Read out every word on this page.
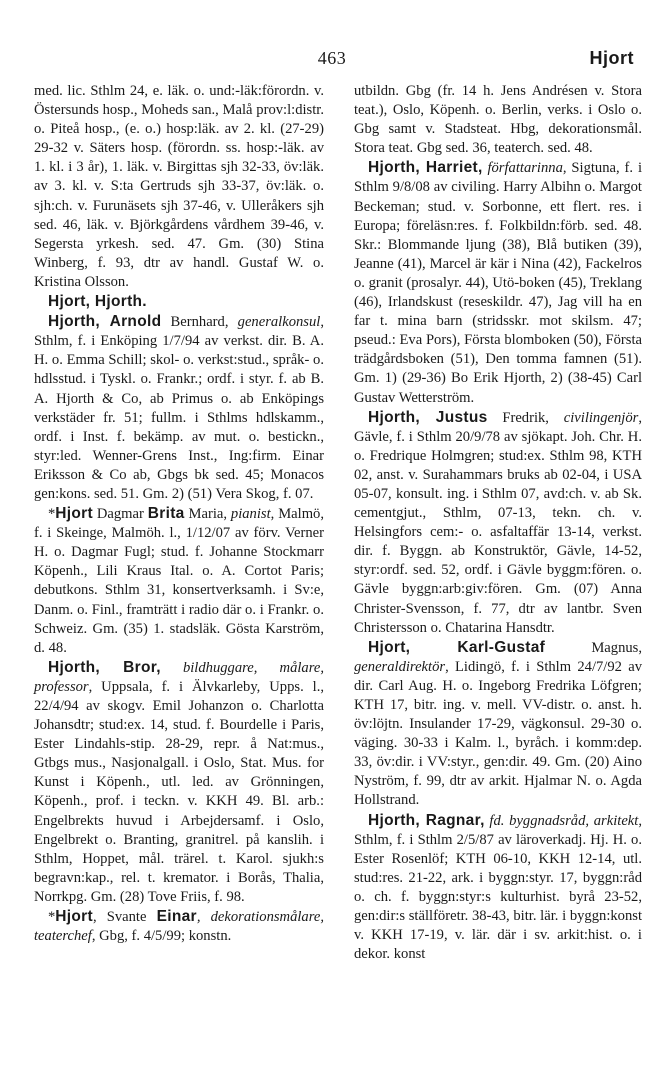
463	Hjort

med. lic. Sthlm 24, e. läk. o. und:-läk:förordn. v. Östersunds hosp., Moheds san., Malå prov:l:distr. o. Piteå hosp., (e. o.) hosp:läk. av 2. kl. (27-29) 29-32 v. Säters hosp. (förordn. ss. hosp:-läk. av 1. kl. i 3 år), 1. läk. v. Birgittas sjh 32-33, öv:läk. av 3. kl. v. S:ta Gertruds sjh 33-37, öv:läk. o. sjh:ch. v. Furunäsets sjh 37-46, v. Ulleråkers sjh sed. 46, läk. v. Björkgårdens vårdhem 39-46, v. Segersta yrkesh. sed. 47. Gm. (30) Stina Winberg, f. 93, dtr av handl. Gustaf W. o. Kristina Olsson.

Hjort, Hjorth.

Hjorth, Arnold Bernhard, generalkonsul, Sthlm, f. i Enköping 1/7/94 av verkst. dir. B. A. H. o. Emma Schill; skol- o. verkst:stud., språk- o. hdlsstud. i Tyskl. o. Frankr.; ordf. i styr. f. ab B. A. Hjorth & Co, ab Primus o. ab Enköpings verkstäder fr. 51; fullm. i Sthlms hdlskamm., ordf. i Inst. f. bekämp. av mut. o. bestickn., styr:led. Wenner-Grens Inst., Ing:firm. Einar Eriksson & Co ab, Gbgs bk sed. 45; Monacos gen:kons. sed. 51. Gm. 2) (51) Vera Skog, f. 07.

*Hjort Dagmar Brita Maria, pianist, Malmö, f. i Skeinge, Malmöh. l., 1/12/07 av förv. Verner H. o. Dagmar Fugl; stud. f. Johanne Stockmarr Köpenh., Lili Kraus Ital. o. A. Cortot Paris; debutkons. Sthlm 31, konsertverksamh. i Sv:e, Danm. o. Finl., framträtt i radio där o. i Frankr. o. Schweiz. Gm. (35) 1. stadsläk. Gösta Karström, d. 48.

Hjorth, Bror, bildhuggare, målare, professor, Uppsala, f. i Älvkarleby, Upps. l., 22/4/94 av skogv. Emil Johanzon o. Charlotta Johansdtr; stud:ex. 14, stud. f. Bourdelle i Paris, Ester Lindahls-stip. 28-29, repr. å Nat:mus., Gtbgs mus., Nasjonalgall. i Oslo, Stat. Mus. for Kunst i Köpenh., utl. led. av Grönningen, Köpenh., prof. i teckn. v. KKH 49. Bl. arb.: Engelbrekts huvud i Arbejdersamf. i Oslo, Engelbrekt o. Branting, granitrel. på kanslih. i Sthlm, Hoppet, mål. trärel. t. Karol. sjukh:s begravn:kap., rel. t. kremator. i Borås, Thalia, Norrkpg. Gm. (28) Tove Friis, f. 98.

*Hjort, Svante Einar, dekorationsmålare, teaterchef, Gbg, f. 4/5/99; konstn.

utbildn. Gbg (fr. 14 h. Jens Andrésen v. Stora teat.), Oslo, Köpenh. o. Berlin, verks. i Oslo o. Gbg samt v. Stadsteat. Hbg, dekorationsmål. Stora teat. Gbg sed. 36, teaterch. sed. 48.

Hjorth, Harriet, författarinna, Sigtuna, f. i Sthlm 9/8/08 av civiling. Harry Albihn o. Margot Beckeman; stud. v. Sorbonne, ett flert. res. i Europa; föreläsn:res. f. Folkbildn:förb. sed. 48. Skr.: Blommande ljung (38), Blå butiken (39), Jeanne (41), Marcel är kär i Nina (42), Fackelros o. granit (prosalyr. 44), Utö-boken (45), Treklang (46), Irlandskust (reseskildr. 47), Jag vill ha en far t. mina barn (stridsskr. mot skilsm. 47; pseud.: Eva Pors), Första blomboken (50), Första trädgårdsboken (51), Den tomma famnen (51). Gm. 1) (29-36) Bo Erik Hjorth, 2) (38-45) Carl Gustav Wetterström.

Hjorth, Justus Fredrik, civilingenjör, Gävle, f. i Sthlm 20/9/78 av sjökapt. Joh. Chr. H. o. Fredrique Holmgren; stud:ex. Sthlm 98, KTH 02, anst. v. Surahammars bruks ab 02-04, i USA 05-07, konsult. ing. i Sthlm 07, avd:ch. v. ab Sk. cementgjut., Sthlm, 07-13, tekn. ch. v. Helsingfors cem:- o. asfaltaffär 13-14, verkst. dir. f. Byggn. ab Konstruktör, Gävle, 14-52, styr:ordf. sed. 52, ordf. i Gävle byggm:fören. o. Gävle byggn:arb:giv:fören. Gm. (07) Anna Christer-Svensson, f. 77, dtr av lantbr. Sven Christersson o. Chatarina Hansdtr.

Hjort, Karl-Gustaf Magnus, generaldirektör, Lidingö, f. i Sthlm 24/7/92 av dir. Carl Aug. H. o. Ingeborg Fredrika Löfgren; KTH 17, bitr. ing. v. mell. VV-distr. o. anst. h. öv:löjtn. Insulander 17-29, vägkonsul. 29-30 o. väging. 30-33 i Kalm. l., byråch. i komm:dep. 33, öv:dir. i VV:styr., gen:dir. 49. Gm. (20) Aino Nyström, f. 99, dtr av arkit. Hjalmar N. o. Agda Hollstrand.

Hjorth, Ragnar, fd. byggnadsråd, arkitekt, Sthlm, f. i Sthlm 2/5/87 av läroverkadj. Hj. H. o. Ester Rosenlöf; KTH 06-10, KKH 12-14, utl. stud:res. 21-22, ark. i byggn:styr. 17, byggn:råd o. ch. f. byggn:styr:s kulturhist. byrå 23-52, gen:dir:s ställföretr. 38-43, bitr. lär. i byggn:konst v. KKH 17-19, v. lär. där i sv. arkit:hist. o. i dekor. konst
